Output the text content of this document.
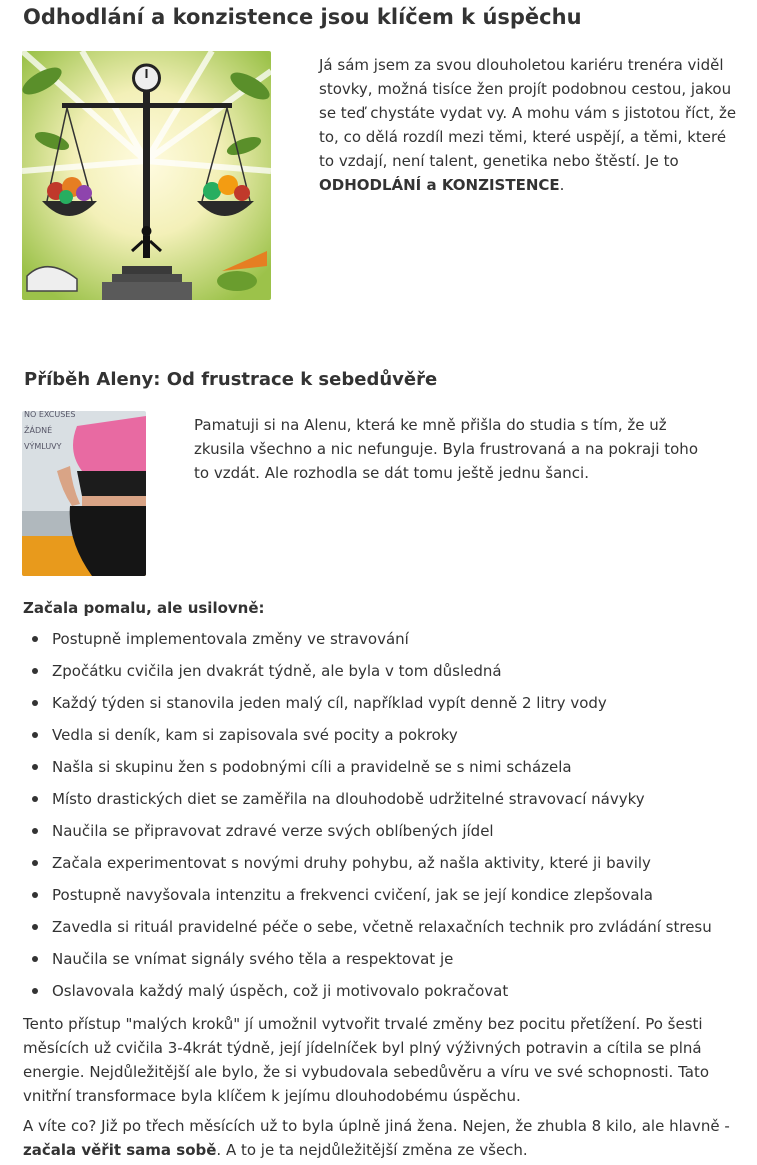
Odhodlání a konzistence jsou klíčem k úspěchu

Já sám jsem za svou dlouholetou kariéru trenéra viděl stovky, možná tisíce žen projít podobnou cestou, jakou se teď chystáte vydat vy. A mohu vám s jistotou říct, že to, co dělá rozdíl mezi těmi, které uspějí, a těmi, které to vzdají, není talent, genetika nebo štěstí. Je to ODHODLÁNÍ a KONZISTENCE.

Příběh Aleny: Od frustrace k sebedůvěře
NO EXCUSES ŽÁDNÉ VÝMLUVY

Pamatuji si na Alenu, která ke mně přišla do studia s tím, že už zkusila všechno a nic nefunguje. Byla frustrovaná a na pokraji toho to vzdát. Ale rozhodla se dát tomu ještě jednu šanci.

Začala pomalu, ale usilovně:

Postupně implementovala změny ve stravování
Zpočátku cvičila jen dvakrát týdně, ale byla v tom důsledná
Každý týden si stanovila jeden malý cíl, například vypít denně 2 litry vody
Vedla si deník, kam si zapisovala své pocity a pokroky
Našla si skupinu žen s podobnými cíli a pravidelně se s nimi scházela
Místo drastických diet se zaměřila na dlouhodobě udržitelné stravovací návyky
Naučila se připravovat zdravé verze svých oblíbených jídel
Začala experimentovat s novými druhy pohybu, až našla aktivity, které ji bavily
Postupně navyšovala intenzitu a frekvenci cvičení, jak se její kondice zlepšovala
Zavedla si rituál pravidelné péče o sebe, včetně relaxačních technik pro zvládání stresu
Naučila se vnímat signály svého těla a respektovat je
Oslavovala každý malý úspěch, což ji motivovalo pokračovat

Tento přístup "malých kroků" jí umožnil vytvořit trvalé změny bez pocitu přetížení. Po šesti měsících už cvičila 3-4krát týdně, její jídelníček byl plný výživných potravin a cítila se plná energie. Nejdůležitější ale bylo, že si vybudovala sebedůvěru a víru ve své schopnosti. Tato vnitřní transformace byla klíčem k jejímu dlouhodobému úspěchu.

A víte co? Již po třech měsících už to byla úplně jiná žena. Nejen, že zhubla 8 kilo, ale hlavně - začala věřit sama sobě. A to je ta nejdůležitější změna ze všech.
